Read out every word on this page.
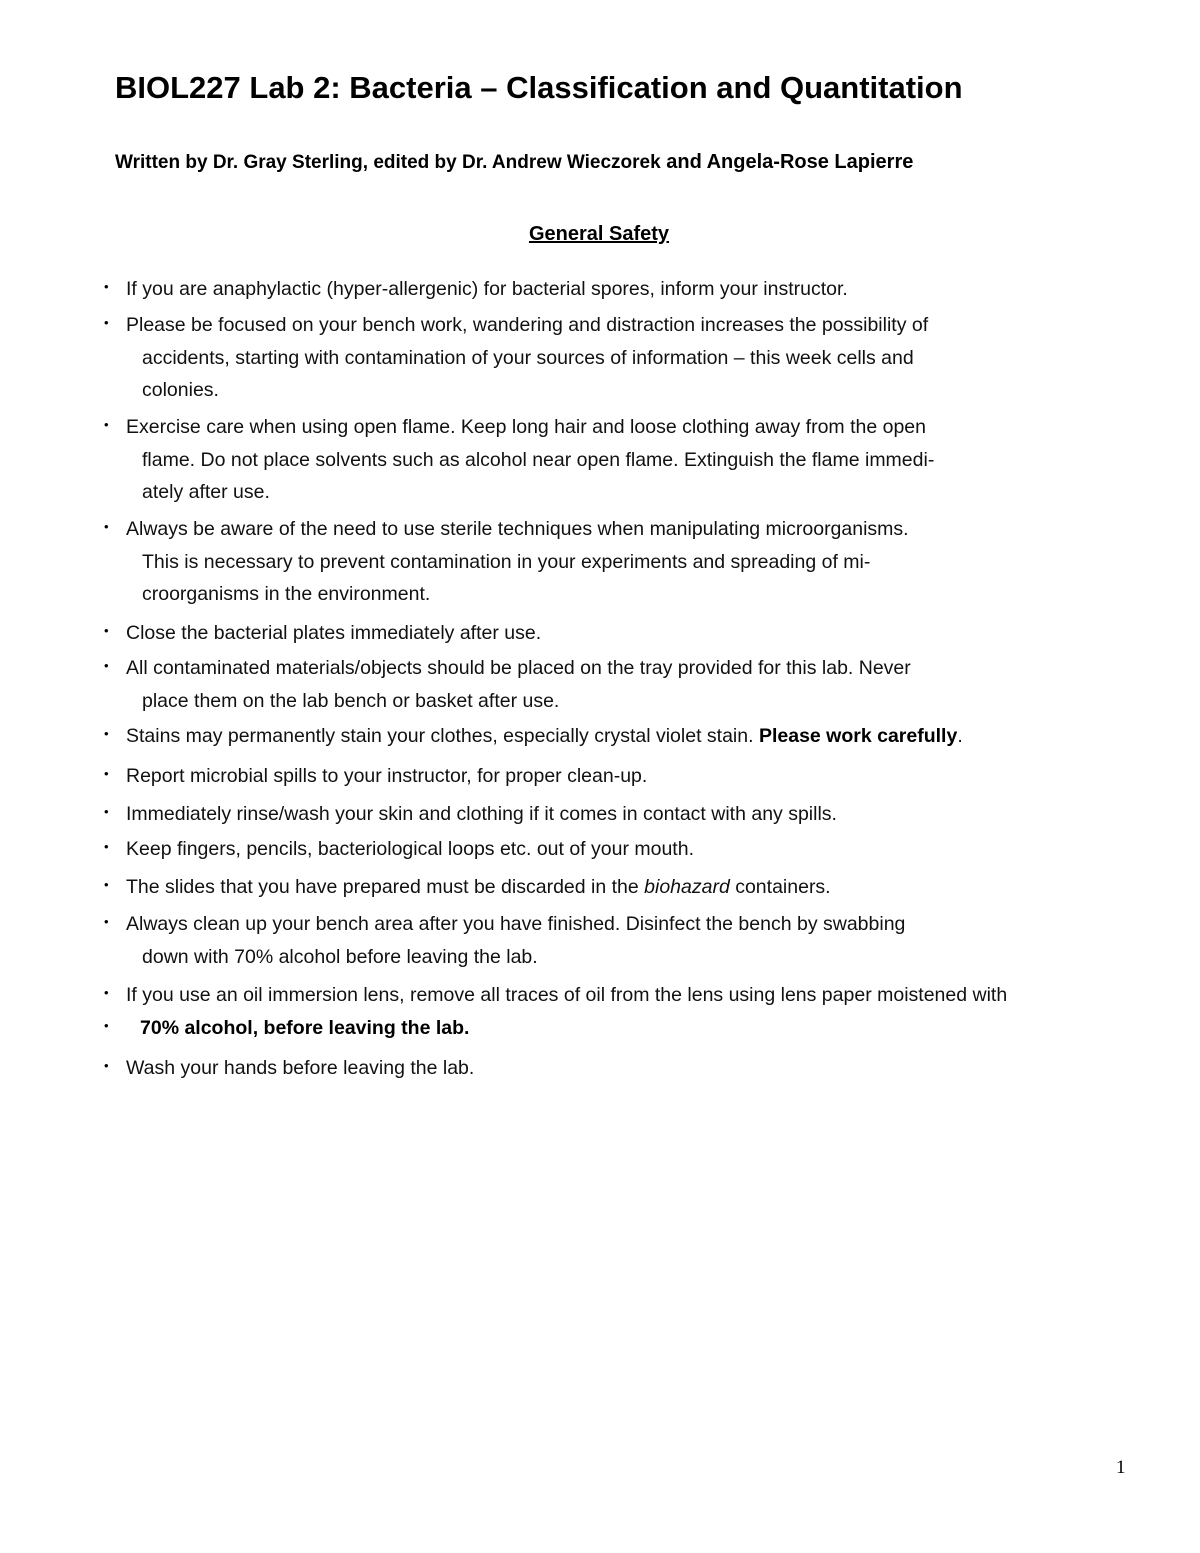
BIOL227 Lab 2: Bacteria – Classification and Quantitation

Written by Dr. Gray Sterling, edited by Dr. Andrew Wieczorek and Angela-Rose Lapierre

General Safety
• If you are anaphylactic (hyper-allergenic) for bacterial spores, inform your instructor.
• Please be focused on your bench work, wandering and distraction increases the possibility of
accidents, starting with contamination of your sources of information – this week cells and
colonies.
• Exercise care when using open flame. Keep long hair and loose clothing away from the open
flame. Do not place solvents such as alcohol near open flame. Extinguish the flame immedi-
ately after use.
• Always be aware of the need to use sterile techniques when manipulating microorganisms.
This is necessary to prevent contamination in your experiments and spreading of mi-
croorganisms in the environment.
• Close the bacterial plates immediately after use.
• All contaminated materials/objects should be placed on the tray provided for this lab. Never
place them on the lab bench or basket after use.
• Stains may permanently stain your clothes, especially crystal violet stain. Please work carefully.
• Report microbial spills to your instructor, for proper clean-up.
• Immediately rinse/wash your skin and clothing if it comes in contact with any spills.
• Keep fingers, pencils, bacteriological loops etc. out of your mouth.
• The slides that you have prepared must be discarded in the biohazard containers.
• Always clean up your bench area after you have finished. Disinfect the bench by swabbing
down with 70% alcohol before leaving the lab.
• If you use an oil immersion lens, remove all traces of oil from the lens using lens paper moistened with
•	70% alcohol, before leaving the lab.
• Wash your hands before leaving the lab.
1
